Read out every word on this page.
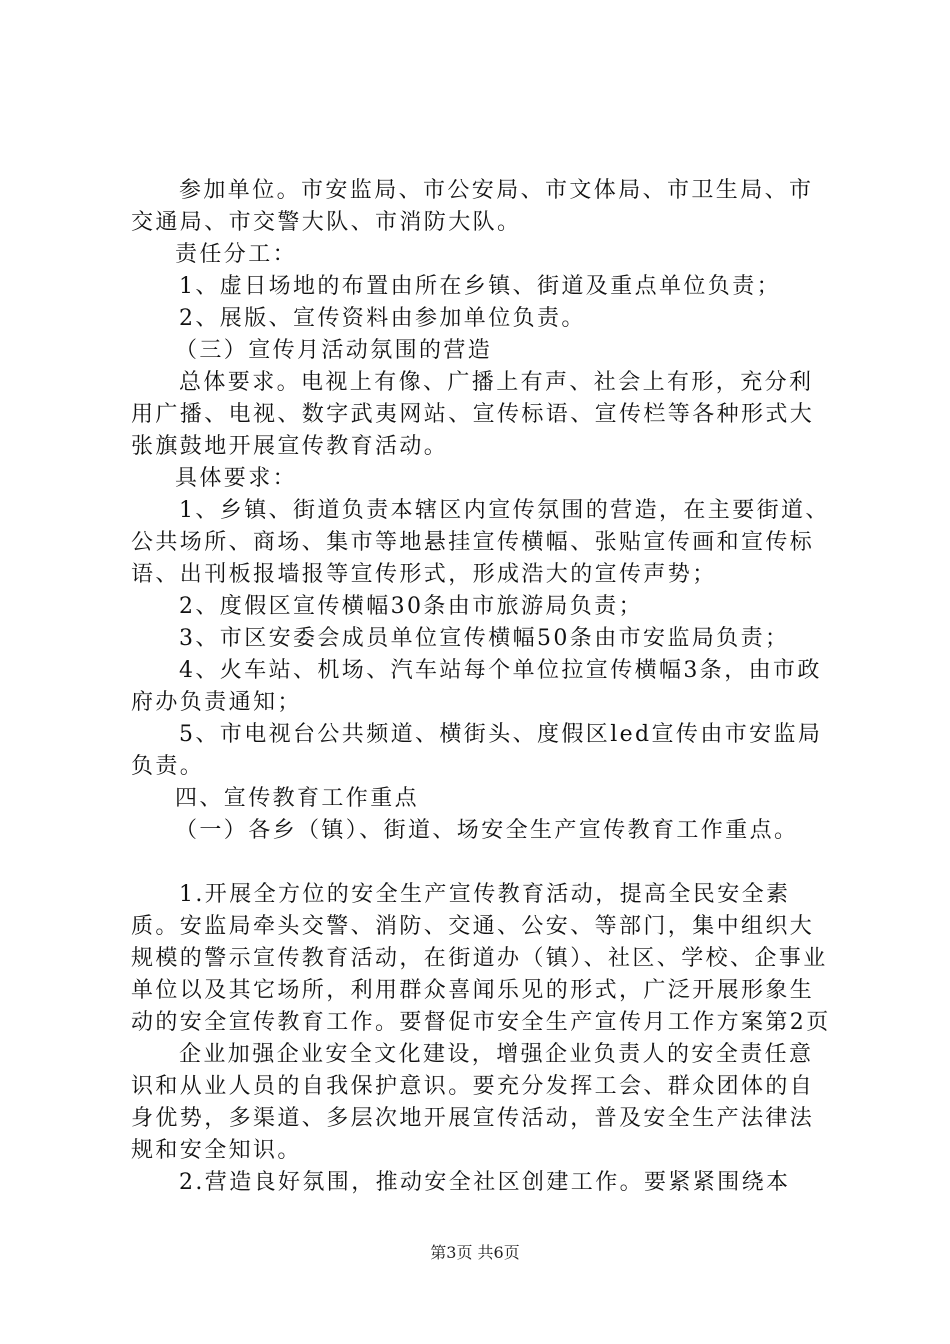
参加单位。市安监局、市公安局、市文体局、市卫生局、市交通局、市交警大队、市消防大队。

责任分工：

1、虚日场地的布置由所在乡镇、街道及重点单位负责；

2、展版、宣传资料由参加单位负责。

（三）宣传月活动氛围的营造

总体要求。电视上有像、广播上有声、社会上有形，充分利用广播、电视、数字武夷网站、宣传标语、宣传栏等各种形式大张旗鼓地开展宣传教育活动。

具体要求：

1、乡镇、街道负责本辖区内宣传氛围的营造，在主要街道、公共场所、商场、集市等地悬挂宣传横幅、张贴宣传画和宣传标语、出刊板报墙报等宣传形式，形成浩大的宣传声势；

2、度假区宣传横幅30条由市旅游局负责；

3、市区安委会成员单位宣传横幅50条由市安监局负责；

4、火车站、机场、汽车站每个单位拉宣传横幅3条，由市政府办负责通知；

5、市电视台公共频道、横街头、度假区led宣传由市安监局负责。

四、宣传教育工作重点

（一）各乡（镇）、街道、场安全生产宣传教育工作重点。

1.开展全方位的安全生产宣传教育活动，提高全民安全素质。安监局牵头交警、消防、交通、公安、等部门，集中组织大规模的警示宣传教育活动，在街道办（镇）、社区、学校、企事业单位以及其它场所，利用群众喜闻乐见的形式，广泛开展形象生动的安全宣传教育工作。要督促市安全生产宣传月工作方案第2页

企业加强企业安全文化建设，增强企业负责人的安全责任意识和从业人员的自我保护意识。要充分发挥工会、群众团体的自身优势，多渠道、多层次地开展宣传活动，普及安全生产法律法规和安全知识。

2.营造良好氛围，推动安全社区创建工作。要紧紧围绕本

第3页 共6页
